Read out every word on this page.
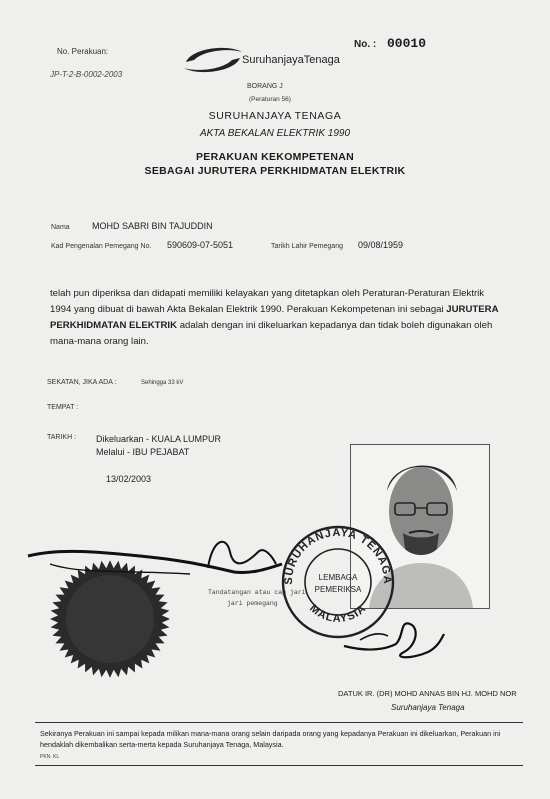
No. Perakuan:
JP-T-2-B-0002-2003
SuruhanjayaTenaga
No. : 00010
BORANG J
(Peraturan 56)
SURUHANJAYA TENAGA
AKTA BEKALAN ELEKTRIK 1990
PERAKUAN KEKOMPETENAN
SEBAGAI JURUTERA PERKHIDMATAN ELEKTRIK
Nama MOHD SABRI BIN TAJUDDIN
Kad Pengenalan Pemegang No. 590609-07-5051	Tarikh Lahir Pemegang 09/08/1959
telah pun diperiksa dan didapati memiliki kelayakan yang ditetapkan oleh Peraturan-Peraturan Elektrik 1994 yang dibuat di bawah Akta Bekalan Elektrik 1990. Perakuan Kekompetenan ini sebagai JURUTERA PERKHIDMATAN ELEKTRIK adalah dengan ini dikeluarkan kepadanya dan tidak boleh digunakan oleh mana-mana orang lain.
SEKATAN, JIKA ADA :	Sehingga 33 kV
TEMPAT :
TARIKH : Dikeluarkan - KUALA LUMPUR
Melalui - IBU PEJABAT
13/02/2003
Tandatangan atau cap jari
jari pemegang
SURUHANJAYA TENAGA
MALAYSIA
LEMBAGA
PEMERIKSA
DATUK IR. (DR) MOHD ANNAS BIN HJ. MOHD NOR
Suruhanjaya Tenaga
Sekiranya Perakuan ini sampai kepada milikan mana-mana orang selain daripada orang yang kepadanya Perakuan ini dikeluarkan, Perakuan ini hendaklah dikembalikan serta-merta kepada Suruhanjaya Tenaga, Malaysia.
PKN. KL
